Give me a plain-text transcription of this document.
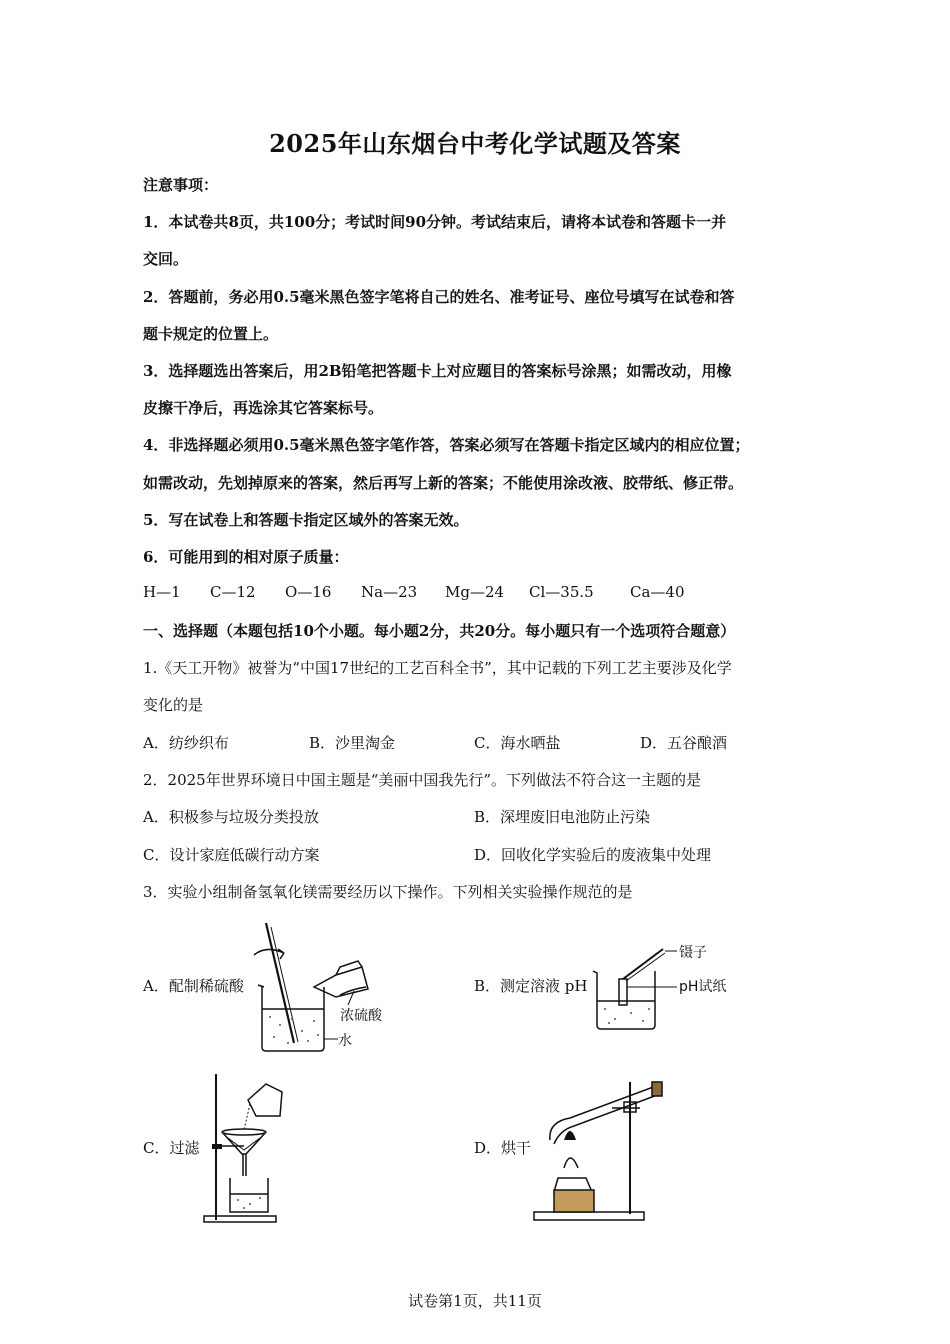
2025年山东烟台中考化学试题及答案
注意事项：
1．本试卷共8页，共100分；考试时间90分钟。考试结束后，请将本试卷和答题卡一并
交回。
2．答题前，务必用0.5毫米黑色签字笔将自己的姓名、准考证号、座位号填写在试卷和答
题卡规定的位置上。
3．选择题选出答案后，用2B铅笔把答题卡上对应题目的答案标号涂黑；如需改动，用橡
皮擦干净后，再选涂其它答案标号。
4．非选择题必须用0.5毫米黑色签字笔作答，答案必须写在答题卡指定区域内的相应位置；
如需改动，先划掉原来的答案，然后再写上新的答案；不能使用涂改液、胶带纸、修正带。
5．写在试卷上和答题卡指定区域外的答案无效。
6．可能用到的相对原子质量：
H—1 C—12 O—16 Na—23 Mg—24 Cl—35.5 Ca—40
一、选择题（本题包括10个小题。每小题2分，共20分。每小题只有一个选项符合题意）
1.《天工开物》被誉为“中国17世纪的工艺百科全书”，其中记载的下列工艺主要涉及化学
变化的是
A．纺纱织布	B．沙里淘金	C．海水晒盐	D．五谷酿酒
2．2025年世界环境日中国主题是“美丽中国我先行”。下列做法不符合这一主题的是
A．积极参与垃圾分类投放	B．深埋废旧电池防止污染
C．设计家庭低碳行动方案	D．回收化学实验后的废液集中处理
3．实验小组制备氢氧化镁需要经历以下操作。下列相关实验操作规范的是
A．配制稀硫酸	B．测定溶液 pH
C．过滤	D．烘干
浓硫酸
水
镊子
pH试纸
试卷第1页，共11页
